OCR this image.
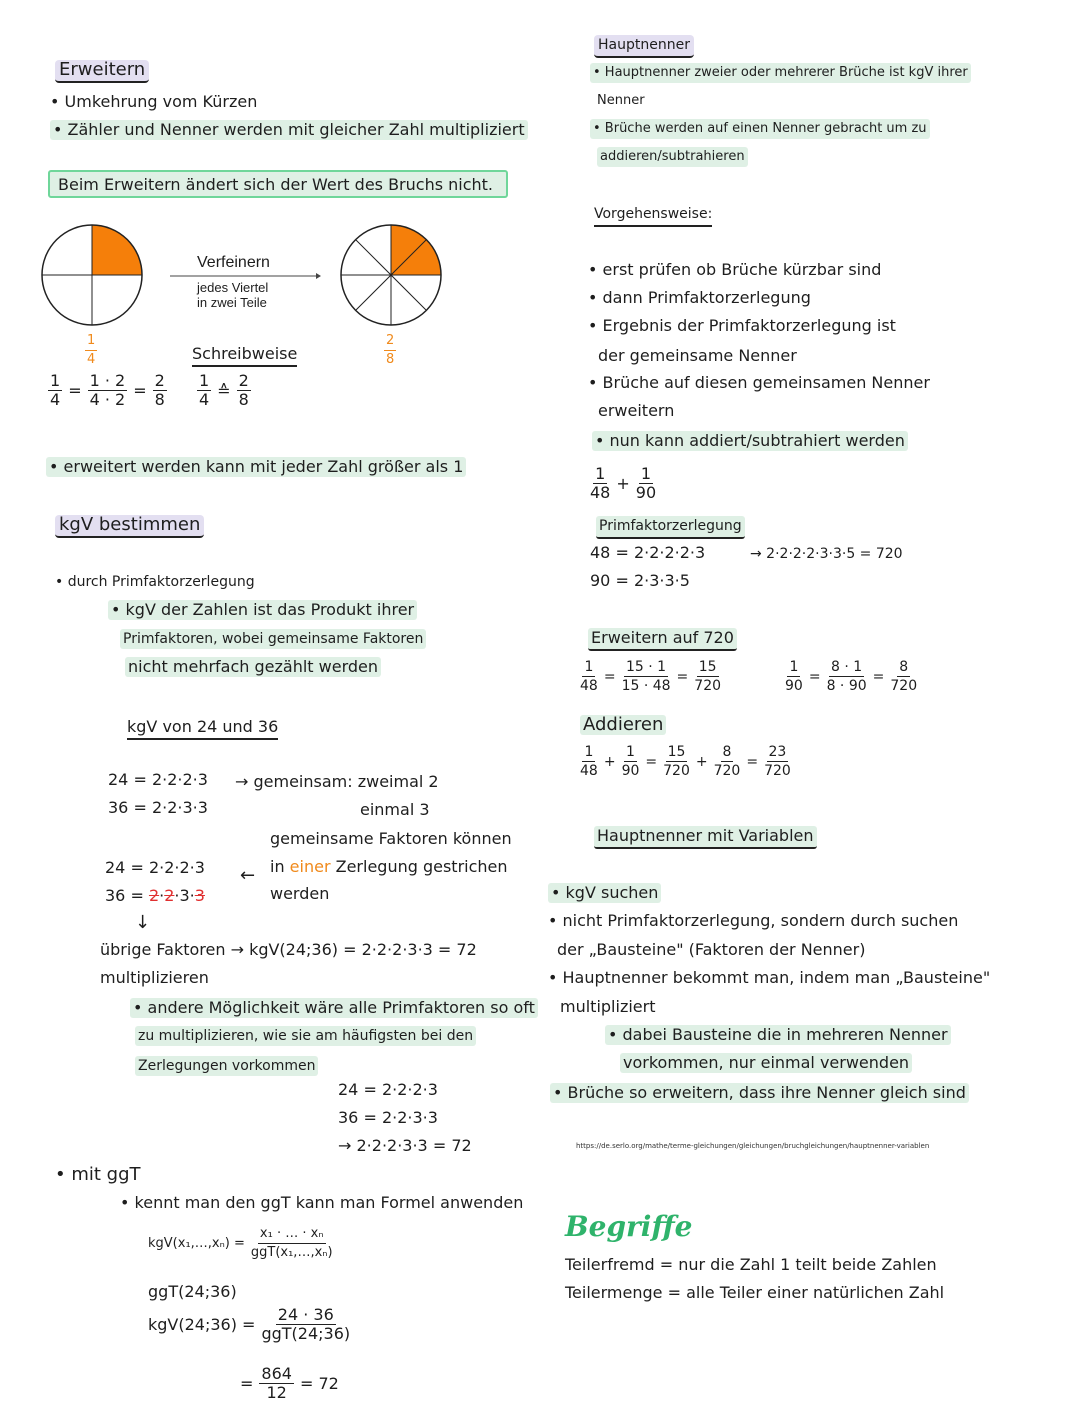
Erweitern
• Umkehrung vom Kürzen
• Zähler und Nenner werden mit gleicher Zahl multipliziert
Beim Erweitern ändert sich der Wert des Bruchs nicht.
Verfeinern
jedes Viertel
in zwei Teile
$\frac{1}{4}$	$\frac{2}{8}$
$\frac{1}{4} = \frac{1 \cdot 2}{4 \cdot 2} = \frac{2}{8}$
Schreibweise
$\frac{1}{4}$ ≙ $\frac{2}{8}$
• erweitert werden kann mit jeder Zahl größer als 1
kgV bestimmen
• durch Primfaktorzerlegung
• kgV der Zahlen ist das Produkt ihrer
Primfaktoren, wobei gemeinsame Faktoren
nicht mehrfach gezählt werden
kgV von 24 und 36
24 = 2·2·2·3
36 = 2·2·3·3
→ gemeinsam: zweimal 2
einmal 3
gemeinsame Faktoren können
in einer Zerlegung gestrichen
werden
←
24 = 2·2·2·3
36 = 2·2·3·3
↓
übrige Faktoren → kgV(24;36) = 2·2·2·3·3 = 72
multiplizieren
• andere Möglichkeit wäre alle Primfaktoren so oft
zu multiplizieren, wie sie am häufigsten bei den
Zerlegungen vorkommen
24 = 2·2·2·3
36 = 2·2·3·3
→ 2·2·2·3·3 = 72
• mit ggT
• kennt man den ggT kann man Formel anwenden
kgV(x₁,…,xₙ) =
x₁ · … · xₙ
ggT(x₁,…,xₙ)
ggT(24;36)
kgV(24;36) =
24 · 36
ggT(24;36)
= $\frac{864}{12} = 72$
Hauptnenner
• Hauptnenner zweier oder mehrerer Brüche ist kgV ihrer
Nenner
• Brüche werden auf einen Nenner gebracht um zu
addieren/subtrahieren
Vorgehensweise:
• erst prüfen ob Brüche kürzbar sind
• dann Primfaktorzerlegung
• Ergebnis der Primfaktorzerlegung ist
der gemeinsame Nenner
• Brüche auf diesen gemeinsamen Nenner
erweitern
• nun kann addiert/subtrahiert werden
$\frac{1}{48} + \frac{1}{90}$
Primfaktorzerlegung
48 = 2·2·2·2·3	→ 2·2·2·2·3·3·5 = 720
90 = 2·3·3·5
Erweitern auf 720
$\frac{1}{48} = \frac{15 \cdot 1}{15 \cdot 48} = \frac{15}{720}$	$\frac{1}{90} = \frac{8 \cdot 1}{8 \cdot 90} = \frac{8}{720}$
Addieren
$\frac{1}{48} + \frac{1}{90} = \frac{15}{720} + \frac{8}{720} = \frac{23}{720}$
Hauptnenner mit Variablen
• kgV suchen
• nicht Primfaktorzerlegung, sondern durch suchen
der „Bausteine" (Faktoren der Nenner)
• Hauptnenner bekommt man, indem man „Bausteine"
multipliziert
• dabei Bausteine die in mehreren Nenner
vorkommen, nur einmal verwenden
• Brüche so erweitern, dass ihre Nenner gleich sind
https://de.serlo.org/mathe/terme-gleichungen/gleichungen/bruchgleichungen/hauptnenner-variablen
Begriffe
Teilerfremd = nur die Zahl 1 teilt beide Zahlen
Teilermenge = alle Teiler einer natürlichen Zahl
